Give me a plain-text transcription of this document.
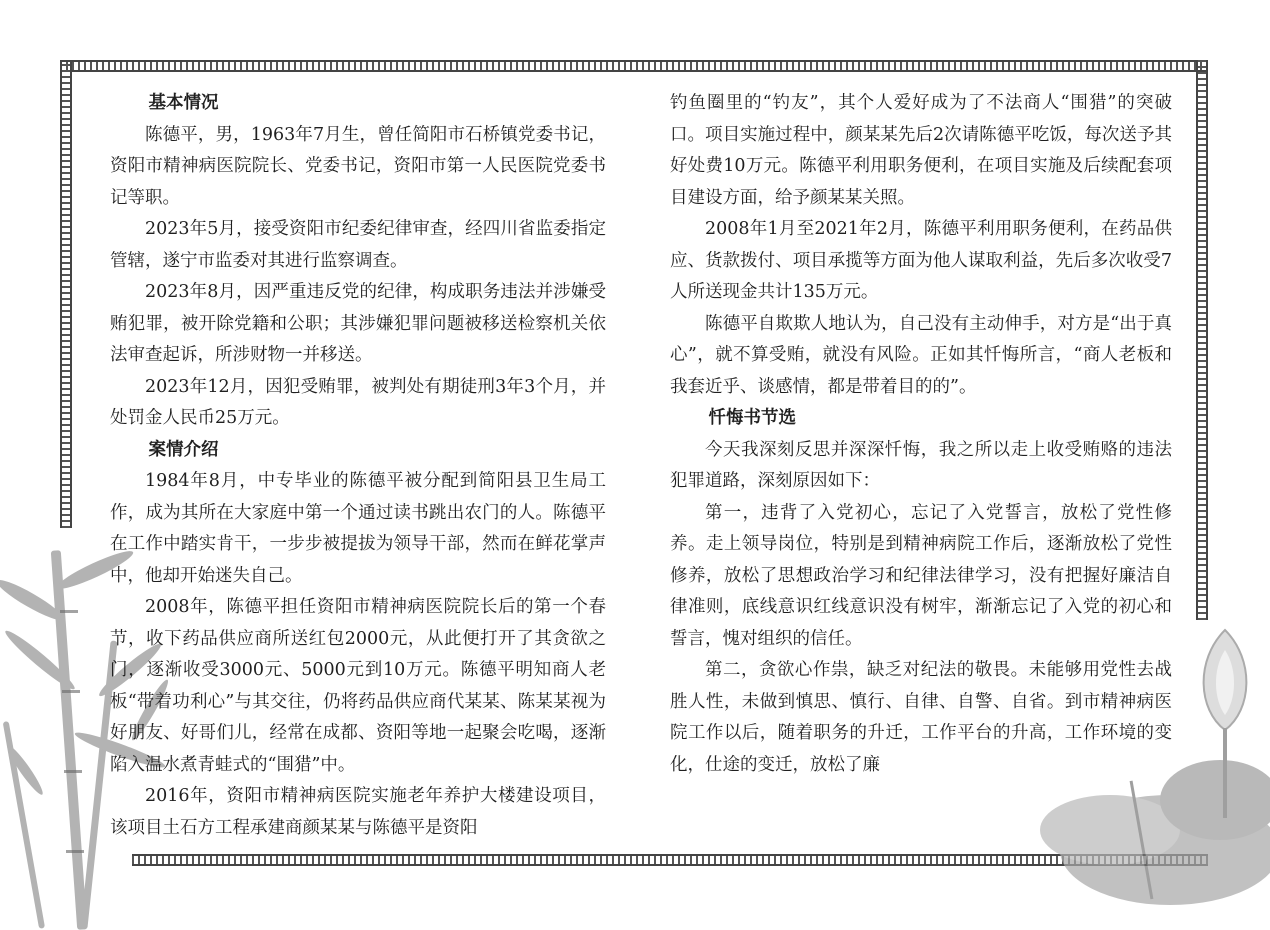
基本情况

陈德平，男，1963年7月生，曾任简阳市石桥镇党委书记，资阳市精神病医院院长、党委书记，资阳市第一人民医院党委书记等职。

2023年5月，接受资阳市纪委纪律审查，经四川省监委指定管辖，遂宁市监委对其进行监察调查。

2023年8月，因严重违反党的纪律，构成职务违法并涉嫌受贿犯罪，被开除党籍和公职；其涉嫌犯罪问题被移送检察机关依法审查起诉，所涉财物一并移送。

2023年12月，因犯受贿罪，被判处有期徒刑3年3个月，并处罚金人民币25万元。

案情介绍

1984年8月，中专毕业的陈德平被分配到简阳县卫生局工作，成为其所在大家庭中第一个通过读书跳出农门的人。陈德平在工作中踏实肯干，一步步被提拔为领导干部，然而在鲜花掌声中，他却开始迷失自己。

2008年，陈德平担任资阳市精神病医院院长后的第一个春节，收下药品供应商所送红包2000元，从此便打开了其贪欲之门，逐渐收受3000元、5000元到10万元。陈德平明知商人老板“带着功利心”与其交往，仍将药品供应商代某某、陈某某视为好朋友、好哥们儿，经常在成都、资阳等地一起聚会吃喝，逐渐陷入温水煮青蛙式的“围猎”中。

2016年，资阳市精神病医院实施老年养护大楼建设项目，该项目土石方工程承建商颜某某与陈德平是资阳

钓鱼圈里的“钓友”，其个人爱好成为了不法商人“围猎”的突破口。项目实施过程中，颜某某先后2次请陈德平吃饭，每次送予其好处费10万元。陈德平利用职务便利，在项目实施及后续配套项目建设方面，给予颜某某关照。

2008年1月至2021年2月，陈德平利用职务便利，在药品供应、货款拨付、项目承揽等方面为他人谋取利益，先后多次收受7人所送现金共计135万元。

陈德平自欺欺人地认为，自己没有主动伸手，对方是“出于真心”，就不算受贿，就没有风险。正如其忏悔所言，“商人老板和我套近乎、谈感情，都是带着目的的”。

忏悔书节选

今天我深刻反思并深深忏悔，我之所以走上收受贿赂的违法犯罪道路，深刻原因如下：

第一，违背了入党初心，忘记了入党誓言，放松了党性修养。走上领导岗位，特别是到精神病院工作后，逐渐放松了党性修养，放松了思想政治学习和纪律法律学习，没有把握好廉洁自律准则，底线意识红线意识没有树牢，渐渐忘记了入党的初心和誓言，愧对组织的信任。

第二，贪欲心作祟，缺乏对纪法的敬畏。未能够用党性去战胜人性，未做到慎思、慎行、自律、自警、自省。到市精神病医院工作以后，随着职务的升迁，工作平台的升高，工作环境的变化，仕途的变迁，放松了廉
